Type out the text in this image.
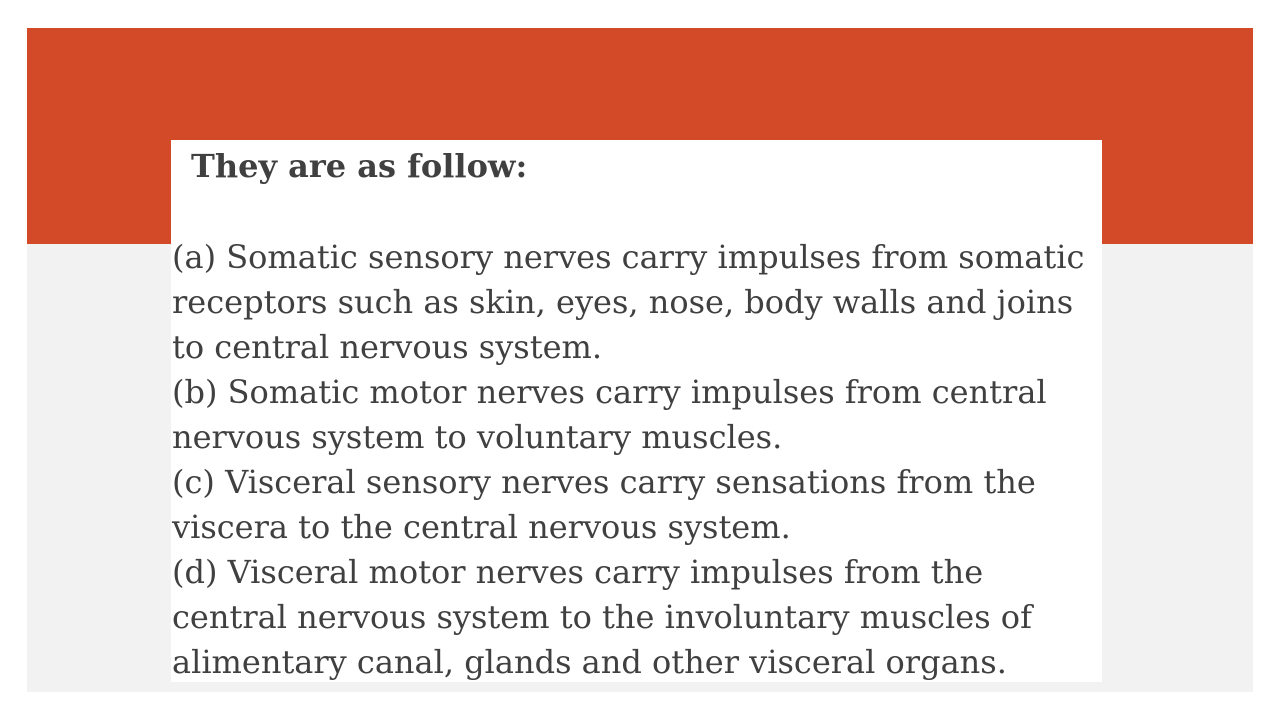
They are as follow:
(a) Somatic sensory nerves carry impulses from somatic receptors such as skin, eyes, nose, body walls and joins to central nervous system.
(b) Somatic motor nerves carry impulses from central nervous system to voluntary muscles.
(c) Visceral sensory nerves carry sensations from the viscera to the central nervous system.
(d) Visceral motor nerves carry impulses from the central nervous system to the involuntary muscles of alimentary canal, glands and other visceral organs.
